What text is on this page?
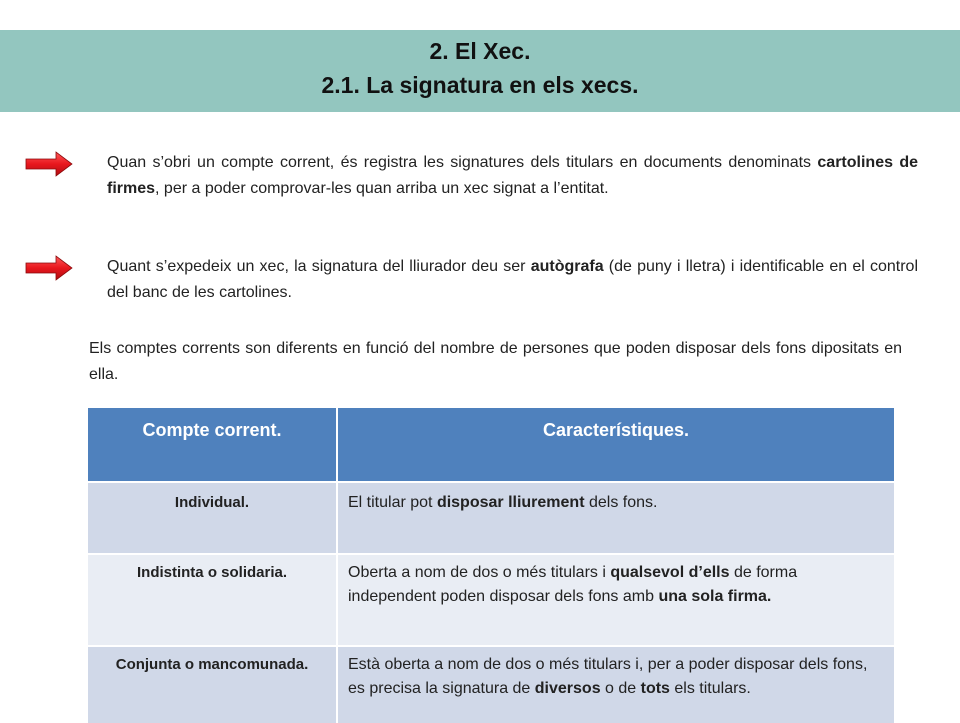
2. El Xec.
2.1. La signatura en els xecs.
Quan s’obri un compte corrent, és registra les signatures dels titulars en documents denominats cartolines de firmes, per a poder comprovar-les quan arriba un xec signat a l’entitat.
Quant s’expedeix un xec, la signatura del lliurador deu ser autògrafa (de puny i lletra) i identificable en el control del banc de les cartolines.
Els comptes corrents son diferents en funció del nombre de persones que poden disposar dels fons dipositats en ella.
Compte corrent.	Característiques.
Individual.	El titular pot disposar lliurement dels fons.
Indistinta o solidaria.	Oberta a nom de dos o més titulars i qualsevol d’ells de forma independent poden disposar dels fons amb una sola firma.
Conjunta o mancomunada.	Està oberta a nom de dos o més titulars i, per a poder disposar dels fons, es precisa la signatura de diversos o de tots els titulars.
